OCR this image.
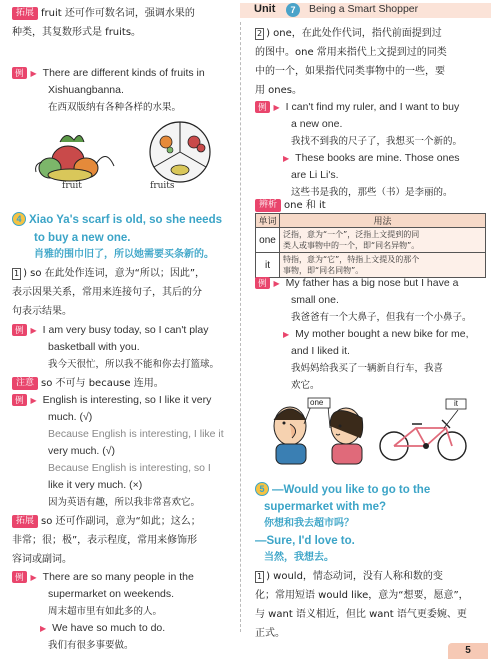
Unit	7	Being a Smart Shopper
拓展 fruit 还可作可数名词，强调水果的
种类，其复数形式是 fruits。
例 ▶ There are different kinds of fruits in
Xishuangbanna.
在西双版纳有各种各样的水果。
fruit	fruits
4 Xiao Ya's scarf is old, so she needs
to buy a new one.
肖雅的围巾旧了，所以她需要买条新的。
1 ) so 在此处作连词，意为“所以；因此”，
表示因果关系，常用来连接句子，其后的分
句表示结果。
例 ▶ I am very busy today, so I can't play
basketball with you.
我今天很忙，所以我不能和你去打篮球。
注意 so 不可与 because 连用。
例 ▶ English is interesting, so I like it very
much. (√)
Because English is interesting, I like it
very much. (√)
Because English is interesting, so I
like it very much. (×)
因为英语有趣，所以我非常喜欢它。
拓展 so 还可作副词，意为“如此；这么；
非常；很；极”，表示程度，常用来修饰形
容词或副词。
例 ▶ There are so many people in the
supermarket on weekends.
周末超市里有如此多的人。
▶ We have so much to do.
我们有很多事要做。
2 ) one，在此处作代词，指代前面提到过
的图中。one 常用来指代上文提到过的同类
中的一个，如果指代同类事物中的一些，要
用 ones。
例 ▶ I can't find my ruler, and I want to buy
a new one.
我找不到我的尺子了，我想买一个新的。
▶ These books are mine. Those ones
are Li Li's.
这些书是我的，那些（书）是李丽的。
辨析 one 和 it
单词	用法
one	泛指，意为“一个”，泛指上文提到的同
类人或事物中的一个，即“同名异物”。

it	特指，意为“它”，特指上文提及的那个
事物，即“同名同物”。
例 ▶ My father has a big nose but I have a
small one.
我爸爸有一个大鼻子，但我有一个小鼻子。
▶ My mother bought a new bike for me,
and I liked it.
我妈妈给我买了一辆新自行车，我喜
欢它。
one	it
5 —Would you like to go to the
supermarket with me?
你想和我去超市吗？
—Sure, I'd love to.
当然，我想去。
1 ) would，情态动词，没有人称和数的变
化；常用短语 would like，意为“想要，愿意”，
与 want 语义相近，但比 want 语气更委婉、更
正式。
5
